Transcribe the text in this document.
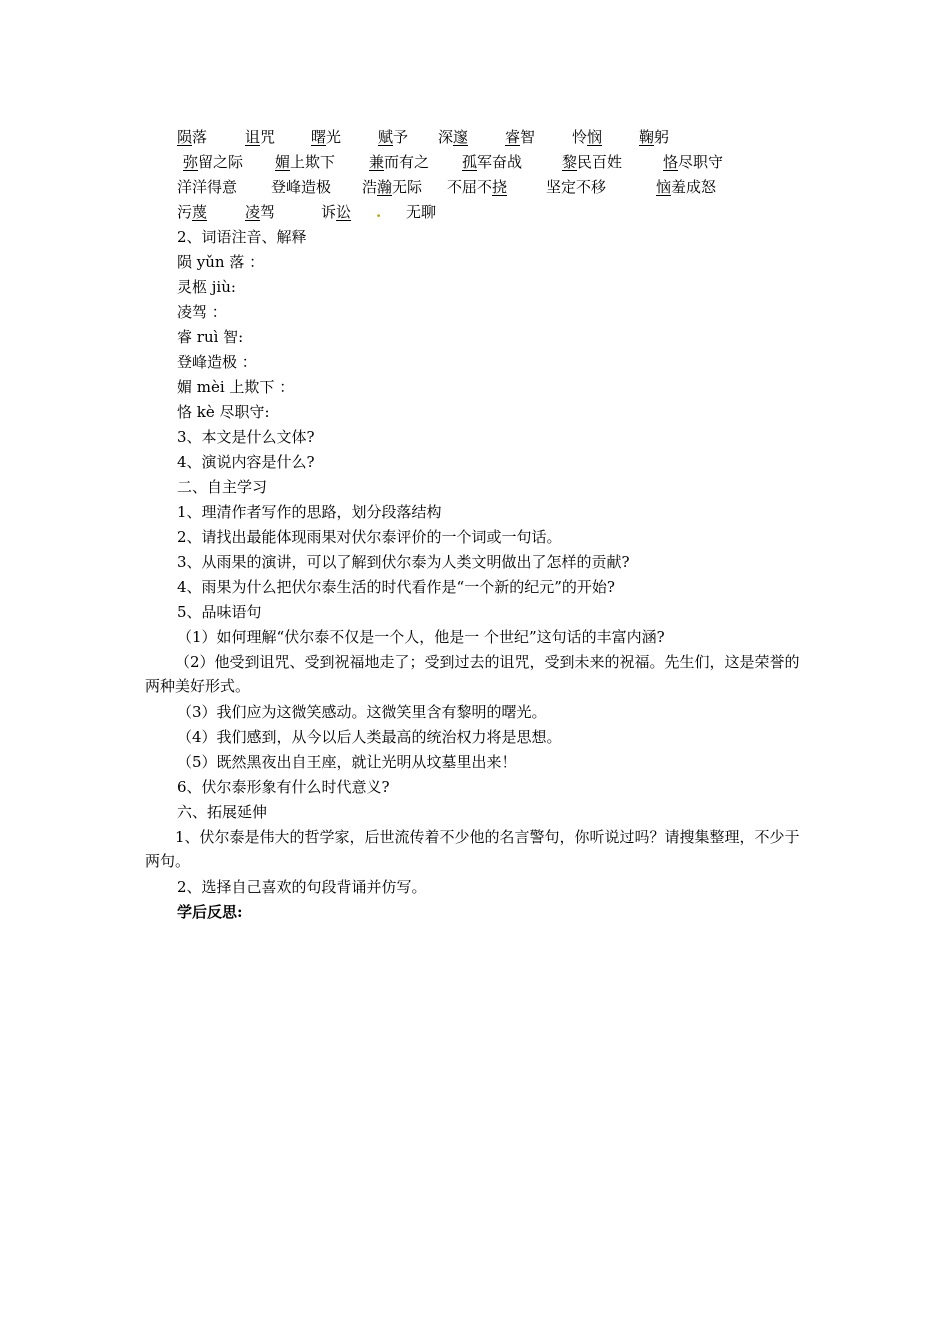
陨落	诅咒 曙光 赋予 深邃 睿智 怜悯 鞠躬
弥留之际 媚上欺下 兼而有之 孤军奋战	黎民百姓	恪尽职守
洋洋得意 登峰造极 浩瀚无际 不屈不挠	坚定不移	恼羞成怒
污蔑	凌驾	诉讼 . 无聊
2、词语注音、解释
陨 yǔn 落 ：
灵柩 jiù:
凌驾 ：
睿 ruì 智:
登峰造极 ：
媚 mèi 上欺下 ：
恪 kè 尽职守:
3、本文是什么文体?
4、演说内容是什么?
二、自主学习
1、理清作者写作的思路，划分段落结构
2、请找出最能体现雨果对伏尔泰评价的一个词或一句话。
3、从雨果的演讲，可以了解到伏尔泰为人类文明做出了怎样的贡献?
4、雨果为什么把伏尔泰生活的时代看作是“一个新的纪元”的开始?
5、品味语句
（1）如何理解“伏尔泰不仅是一个人，他是一 个世纪”这句话的丰富内涵?
（2）他受到诅咒、受到祝福地走了；受到过去的诅咒，受到未来的祝福。先生们，这是荣誉的两种美好形式。
（3）我们应为这微笑感动。这微笑里含有黎明的曙光。
（4）我们感到，从今以后人类最高的统治权力将是思想。
（5）既然黑夜出自王座，就让光明从坟墓里出来！
6、伏尔泰形象有什么时代意义?
六、拓展延伸
1、伏尔泰是伟大的哲学家，后世流传着不少他的名言警句，你听说过吗？请搜集整理，不少于两句。
2、选择自己喜欢的句段背诵并仿写。
学后反思:
